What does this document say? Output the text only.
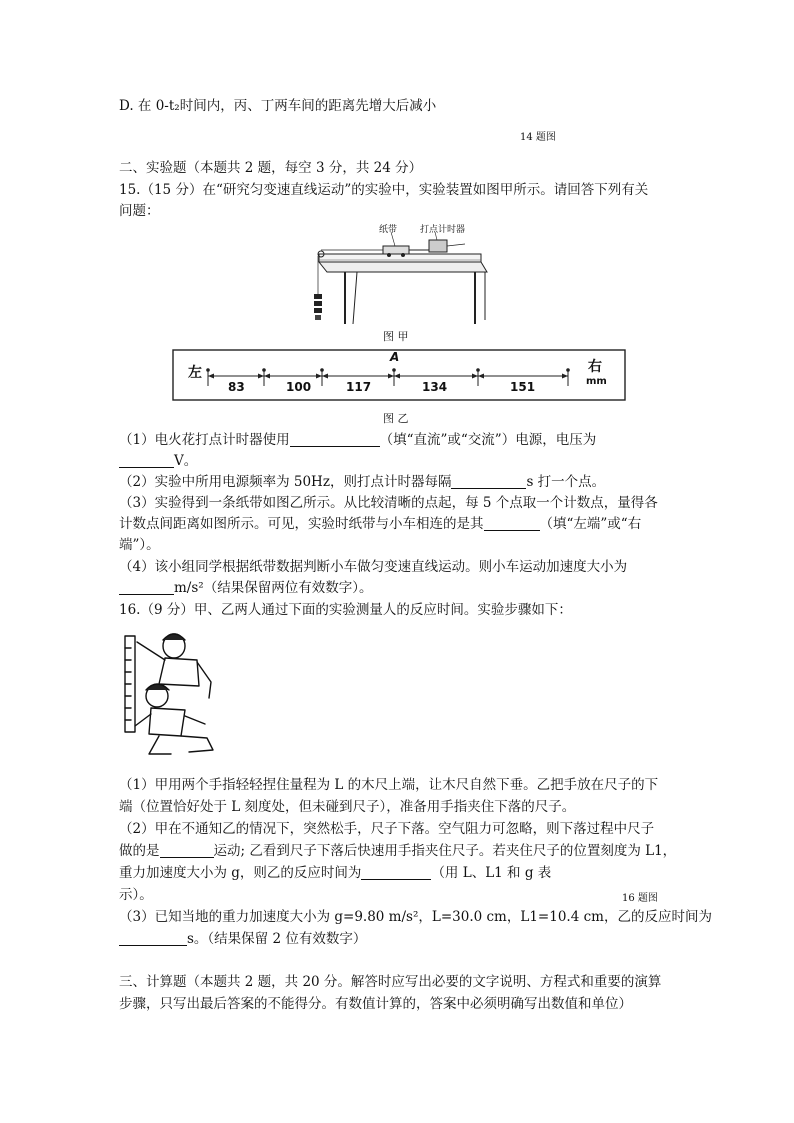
D. 在 0-t₂时间内，丙、丁两车间的距离先增大后减小
14 题图
二、实验题（本题共 2 题，每空 3 分，共 24 分）
15.（15 分）在“研究匀变速直线运动”的实验中，实验装置如图甲所示。请回答下列有关
问题：
纸带	打点计时器
图 甲
左	右
mm
A
83	100	117	134	151
图 乙
（1）电火花打点计时器使用	（填“直流”或“交流”）电源，电压为
V。
（2）实验中所用电源频率为 50Hz，则打点计时器每隔	s 打一个点。
（3）实验得到一条纸带如图乙所示。从比较清晰的点起，每 5 个点取一个计数点，量得各
计数点间距离如图所示。可见，实验时纸带与小车相连的是其	（填“左端”或“右
端”）。
（4）该小组同学根据纸带数据判断小车做匀变速直线运动。则小车运动加速度大小为
m/s²（结果保留两位有效数字）。
16.（9 分）甲、乙两人通过下面的实验测量人的反应时间。实验步骤如下：
（1）甲用两个手指轻轻捏住量程为 L 的木尺上端，让木尺自然下垂。乙把手放在尺子的下
端（位置恰好处于 L 刻度处，但未碰到尺子），准备用手指夹住下落的尺子。
（2）甲在不通知乙的情况下，突然松手，尺子下落。空气阻力可忽略，则下落过程中尺子
做的是	运动; 乙看到尺子下落后快速用手指夹住尺子。若夹住尺子的位置刻度为 L1，
重力加速度大小为 g，则乙的反应时间为	（用 L、L1 和 g 表
示）。	16 题图
（3）已知当地的重力加速度大小为 g=9.80 m/s²，L=30.0 cm，L1=10.4 cm，乙的反应时间为
s。（结果保留 2 位有效数字）
三、计算题（本题共 2 题，共 20 分。解答时应写出必要的文字说明、方程式和重要的演算
步骤，只写出最后答案的不能得分。有数值计算的，答案中必须明确写出数值和单位）
